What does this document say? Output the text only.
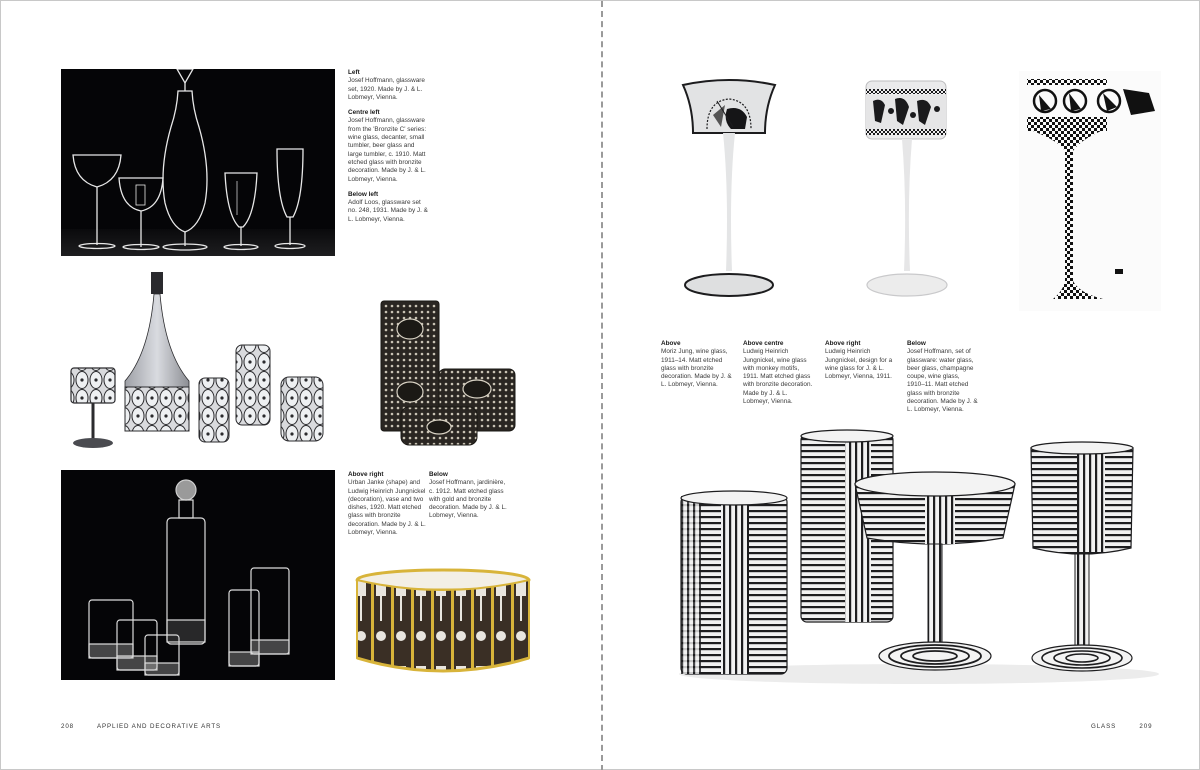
Left
Josef Hoffmann, glassware set, 1920. Made by J. & L. Lobmeyr, Vienna.
Centre left
Josef Hoffmann, glassware from the 'Bronzite C' series: wine glass, decanter, small tumbler, beer glass and large tumbler, c. 1910. Matt etched glass with bronzite decoration. Made by J. & L. Lobmeyr, Vienna.
Below left
Adolf Loos, glassware set no. 248, 1931. Made by J. & L. Lobmeyr, Vienna.
Above right
Urban Janke (shape) and Ludwig Heinrich Jungnickel (decoration), vase and two dishes, 1920. Matt etched glass with bronzite decoration. Made by J. & L. Lobmeyr, Vienna.
Below
Josef Hoffmann, jardinière, c. 1912. Matt etched glass with gold and bronzite decoration. Made by J. & L. Lobmeyr, Vienna.
208	APPLIED AND DECORATIVE ARTS
Above
Moriz Jung, wine glass, 1911–14. Matt etched glass with bronzite decoration. Made by J. & L. Lobmeyr, Vienna.
Above centre
Ludwig Heinrich Jungnickel, wine glass with monkey motifs, 1911. Matt etched glass with bronzite decoration. Made by J. & L. Lobmeyr, Vienna.
Above right
Ludwig Heinrich Jungnickel, design for a wine glass for J. & L. Lobmeyr, Vienna, 1911.
Below
Josef Hoffmann, set of glassware: water glass, beer glass, champagne coupe, wine glass, 1910–11. Matt etched glass with bronzite decoration. Made by J. & L. Lobmeyr, Vienna.
GLASS	209
